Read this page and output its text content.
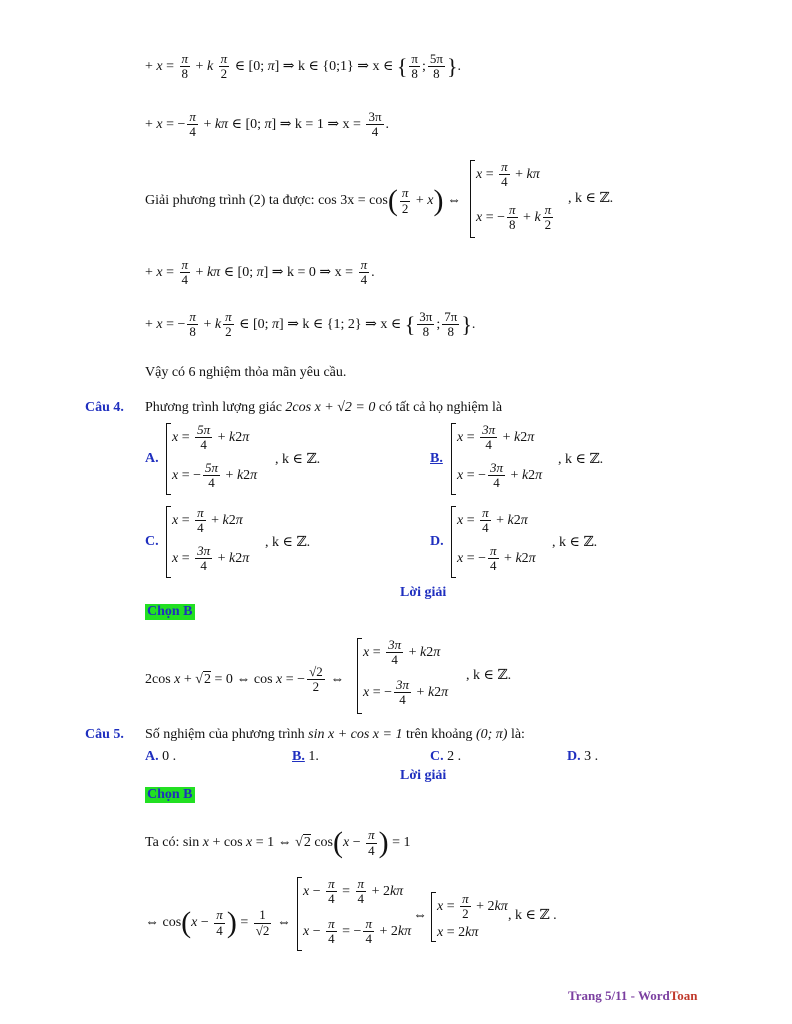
+ $x = \frac{\pi}{8} + k \frac{\pi}{2}$ ∈ [0; π] ⇒ k ∈ {0;1} ⇒ x ∈ { $\frac{\pi}{8}$ ; $\frac{5\pi}{8}$ }.
+ x = − $\frac{\pi}{4} + k\pi$ ∈ [0; π] ⇒ k = 1 ⇒ $x = \frac{3\pi}{4}$ .
Giải phương trình (2) ta được: $\cos 3x = \cos( \frac{\pi}{2} + x)$ ⇔
$x = \frac{\pi}{4} + k\pi$
x = − $\frac{\pi}{8} + k \frac{\pi}{2}$
, k ∈ ℤ.
+ $x = \frac{\pi}{4} + k\pi$ ∈ [0; π] ⇒ k = 0 ⇒ $x = \frac{\pi}{4}$ .
+ x = − $\frac{\pi}{8} + k \frac{\pi}{2}$ ∈ [0; π] ⇒ k ∈ {1; 2} ⇒ x ∈ { $\frac{3\pi}{8}$ ; $\frac{7\pi}{8}$ }.
Vậy có 6 nghiệm thỏa mãn yêu cầu.
Câu 4. Phương trình lượng giác 2cos x + √2 = 0 có tất cả họ nghiệm là
A.
$x = \frac{5\pi}{4} + k2\pi$
x = − $\frac{5\pi}{4} + k2\pi$
, k ∈ ℤ.	B.
$x = \frac{3\pi}{4} + k2\pi$
x = − $\frac{3\pi}{4} + k2\pi$
, k ∈ ℤ.
C.
$x = \frac{\pi}{4} + k2\pi$
$x = \frac{3\pi}{4} + k2\pi$
, k ∈ ℤ.	D.
$x = \frac{\pi}{4} + k2\pi$
x = − $\frac{\pi}{4} + k2\pi$
, k ∈ ℤ.
Lời giải
Chọn B
2cos x + √2 = 0 ⇔ cos x = − $\frac{√2}{2}$ ⇔
$x = \frac{3\pi}{4} + k2\pi$
x = − $\frac{3\pi}{4} + k2\pi$
, k ∈ ℤ.
Câu 5. Số nghiệm của phương trình sin x + cos x = 1 trên khoảng (0; π) là:
A. 0 .	B. 1.	C. 2 .	D. 3 .
Lời giải
Chọn B
Ta có: sin x + cos x = 1 ⇔ √2 $\cos(x - \frac{\pi}{4}$ ) = 1
⇔ $\cos(x - \frac{\pi}{4}$ ) = $\frac{1}{√2}$ ⇔
$x - \frac{\pi}{4} = \frac{\pi}{4} + 2k\pi$
$x - \frac{\pi}{4}$ = − $\frac{\pi}{4} + 2k\pi$
⇔
$x = \frac{\pi}{2} + 2k\pi$
x = 2kπ
, k ∈ ℤ .
Trang 5/11 - WordToan
